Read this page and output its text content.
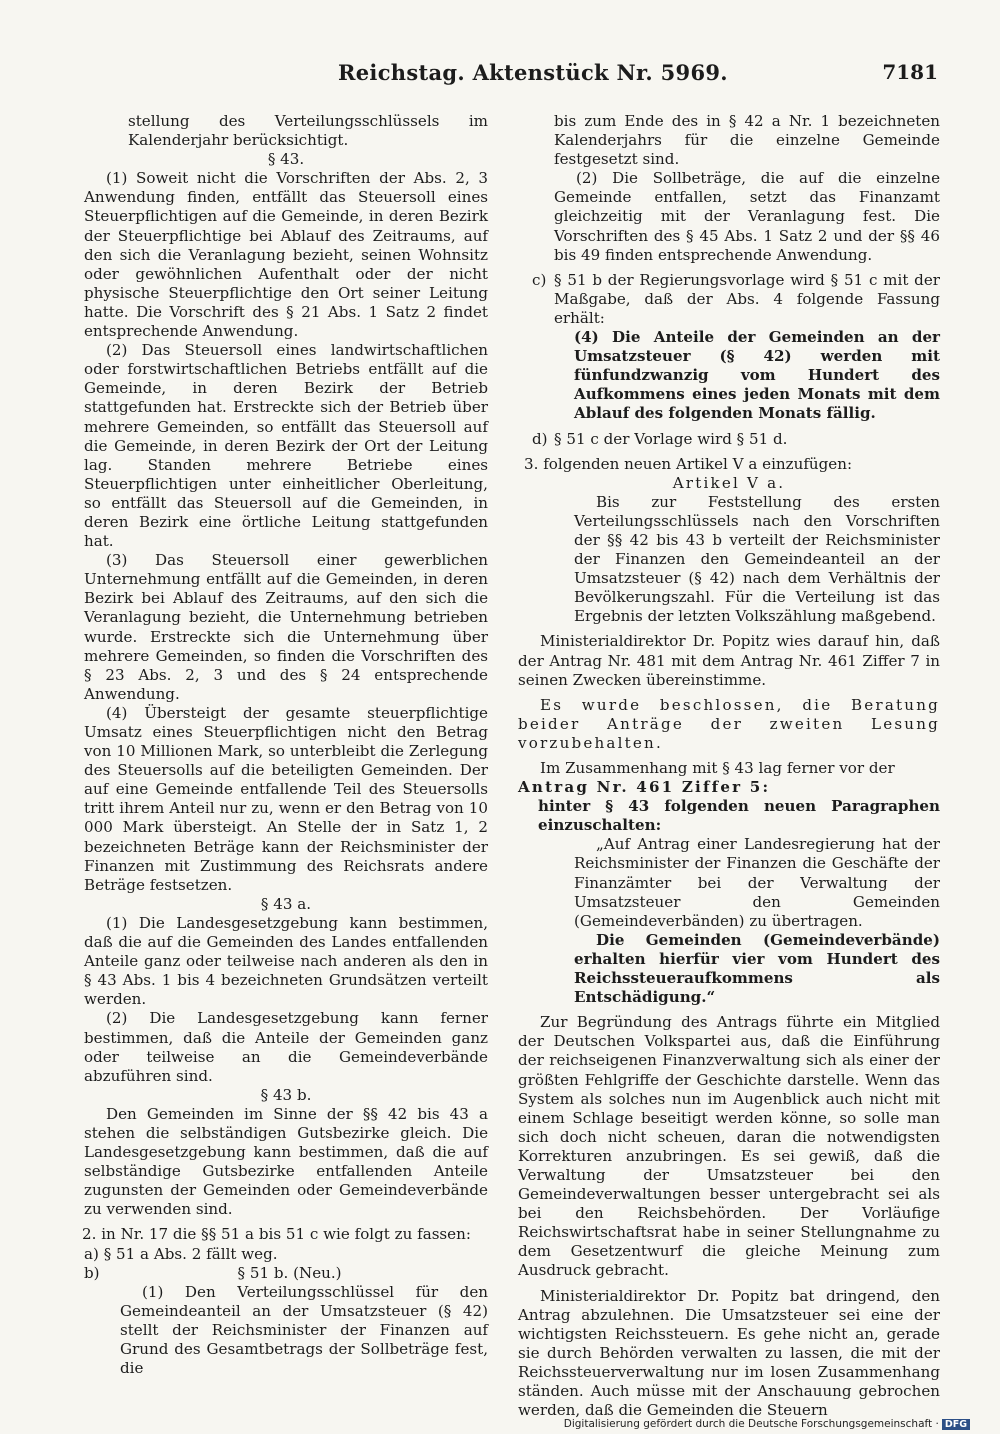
Reichstag. Aktenstück Nr. 5969.	7181

stellung des Verteilungsschlüssels im Kalenderjahr berücksichtigt.

§ 43.

(1) Soweit nicht die Vorschriften der Abs. 2, 3 Anwendung finden, entfällt das Steuersoll eines Steuerpflichtigen auf die Gemeinde, in deren Bezirk der Steuerpflichtige bei Ablauf des Zeitraums, auf den sich die Veranlagung bezieht, seinen Wohnsitz oder gewöhnlichen Aufenthalt oder der nicht physische Steuerpflichtige den Ort seiner Leitung hatte. Die Vorschrift des § 21 Abs. 1 Satz 2 findet entsprechende Anwendung.

(2) Das Steuersoll eines landwirtschaftlichen oder forstwirtschaftlichen Betriebs entfällt auf die Gemeinde, in deren Bezirk der Betrieb stattgefunden hat. Erstreckte sich der Betrieb über mehrere Gemeinden, so entfällt das Steuersoll auf die Gemeinde, in deren Bezirk der Ort der Leitung lag. Standen mehrere Betriebe eines Steuerpflichtigen unter einheitlicher Oberleitung, so entfällt das Steuersoll auf die Gemeinden, in deren Bezirk eine örtliche Leitung stattgefunden hat.

(3) Das Steuersoll einer gewerblichen Unternehmung entfällt auf die Gemeinden, in deren Bezirk bei Ablauf des Zeitraums, auf den sich die Veranlagung bezieht, die Unternehmung betrieben wurde. Erstreckte sich die Unternehmung über mehrere Gemeinden, so finden die Vorschriften des § 23 Abs. 2, 3 und des § 24 entsprechende Anwendung.

(4) Übersteigt der gesamte steuerpflichtige Umsatz eines Steuerpflichtigen nicht den Betrag von 10 Millionen Mark, so unterbleibt die Zerlegung des Steuersolls auf die beteiligten Gemeinden. Der auf eine Gemeinde entfallende Teil des Steuersolls tritt ihrem Anteil nur zu, wenn er den Betrag von 10 000 Mark übersteigt. An Stelle der in Satz 1, 2 bezeichneten Beträge kann der Reichsminister der Finanzen mit Zustimmung des Reichsrats andere Beträge festsetzen.

§ 43 a.

(1) Die Landesgesetzgebung kann bestimmen, daß die auf die Gemeinden des Landes entfallenden Anteile ganz oder teilweise nach anderen als den in § 43 Abs. 1 bis 4 bezeichneten Grundsätzen verteilt werden.

(2) Die Landesgesetzgebung kann ferner bestimmen, daß die Anteile der Gemeinden ganz oder teilweise an die Gemeindeverbände abzuführen sind.

§ 43 b.

Den Gemeinden im Sinne der §§ 42 bis 43 a stehen die selbständigen Gutsbezirke gleich. Die Landesgesetzgebung kann bestimmen, daß die auf selbständige Gutsbezirke entfallenden Anteile zugunsten der Gemeinden oder Gemeindeverbände zu verwenden sind.

2. in Nr. 17 die §§ 51 a bis 51 c wie folgt zu fassen:

a) § 51 a Abs. 2 fällt weg.

b)	§ 51 b. (Neu.)

(1) Den Verteilungsschlüssel für den Gemeindeanteil an der Umsatzsteuer (§ 42) stellt der Reichsminister der Finanzen auf Grund des Gesamtbetrags der Sollbeträge fest, die

bis zum Ende des in § 42 a Nr. 1 bezeichneten Kalenderjahrs für die einzelne Gemeinde festgesetzt sind.

(2) Die Sollbeträge, die auf die einzelne Gemeinde entfallen, setzt das Finanzamt gleichzeitig mit der Veranlagung fest. Die Vorschriften des § 45 Abs. 1 Satz 2 und der §§ 46 bis 49 finden entsprechende Anwendung.

c) § 51 b der Regierungsvorlage wird § 51 c mit der Maßgabe, daß der Abs. 4 folgende Fassung erhält:

(4) Die Anteile der Gemeinden an der Umsatzsteuer (§ 42) werden mit fünfundzwanzig vom Hundert des Aufkommens eines jeden Monats mit dem Ablauf des folgenden Monats fällig.

d) § 51 c der Vorlage wird § 51 d.

3. folgenden neuen Artikel V a einzufügen:

Artikel V a.

Bis zur Feststellung des ersten Verteilungsschlüssels nach den Vorschriften der §§ 42 bis 43 b verteilt der Reichsminister der Finanzen den Gemeindeanteil an der Umsatzsteuer (§ 42) nach dem Verhältnis der Bevölkerungszahl. Für die Verteilung ist das Ergebnis der letzten Volkszählung maßgebend.

Ministerialdirektor Dr. Popitz wies darauf hin, daß der Antrag Nr. 481 mit dem Antrag Nr. 461 Ziffer 7 in seinen Zwecken übereinstimme.

Es wurde beschlossen, die Beratung beider Anträge der zweiten Lesung vorzubehalten.

Im Zusammenhang mit § 43 lag ferner vor der

Antrag Nr. 461 Ziffer 5:

hinter § 43 folgenden neuen Paragraphen einzuschalten:

„Auf Antrag einer Landesregierung hat der Reichsminister der Finanzen die Geschäfte der Finanzämter bei der Verwaltung der Umsatzsteuer den Gemeinden (Gemeindeverbänden) zu übertragen.

Die Gemeinden (Gemeindeverbände) erhalten hierfür vier vom Hundert des Reichssteueraufkommens als Entschädigung.“

Zur Begründung des Antrags führte ein Mitglied der Deutschen Volkspartei aus, daß die Einführung der reichseigenen Finanzverwaltung sich als einer der größten Fehlgriffe der Geschichte darstelle. Wenn das System als solches nun im Augenblick auch nicht mit einem Schlage beseitigt werden könne, so solle man sich doch nicht scheuen, daran die notwendigsten Korrekturen anzubringen. Es sei gewiß, daß die Verwaltung der Umsatzsteuer bei den Gemeindeverwaltungen besser untergebracht sei als bei den Reichsbehörden. Der Vorläufige Reichswirtschaftsrat habe in seiner Stellungnahme zu dem Gesetzentwurf die gleiche Meinung zum Ausdruck gebracht.

Ministerialdirektor Dr. Popitz bat dringend, den Antrag abzulehnen. Die Umsatzsteuer sei eine der wichtigsten Reichssteuern. Es gehe nicht an, gerade sie durch Behörden verwalten zu lassen, die mit der Reichssteuerverwaltung nur im losen Zusammenhang ständen. Auch müsse mit der Anschauung gebrochen werden, daß die Gemeinden die Steuern

Digitalisierung gefördert durch die Deutsche Forschungsgemeinschaft · DFG
